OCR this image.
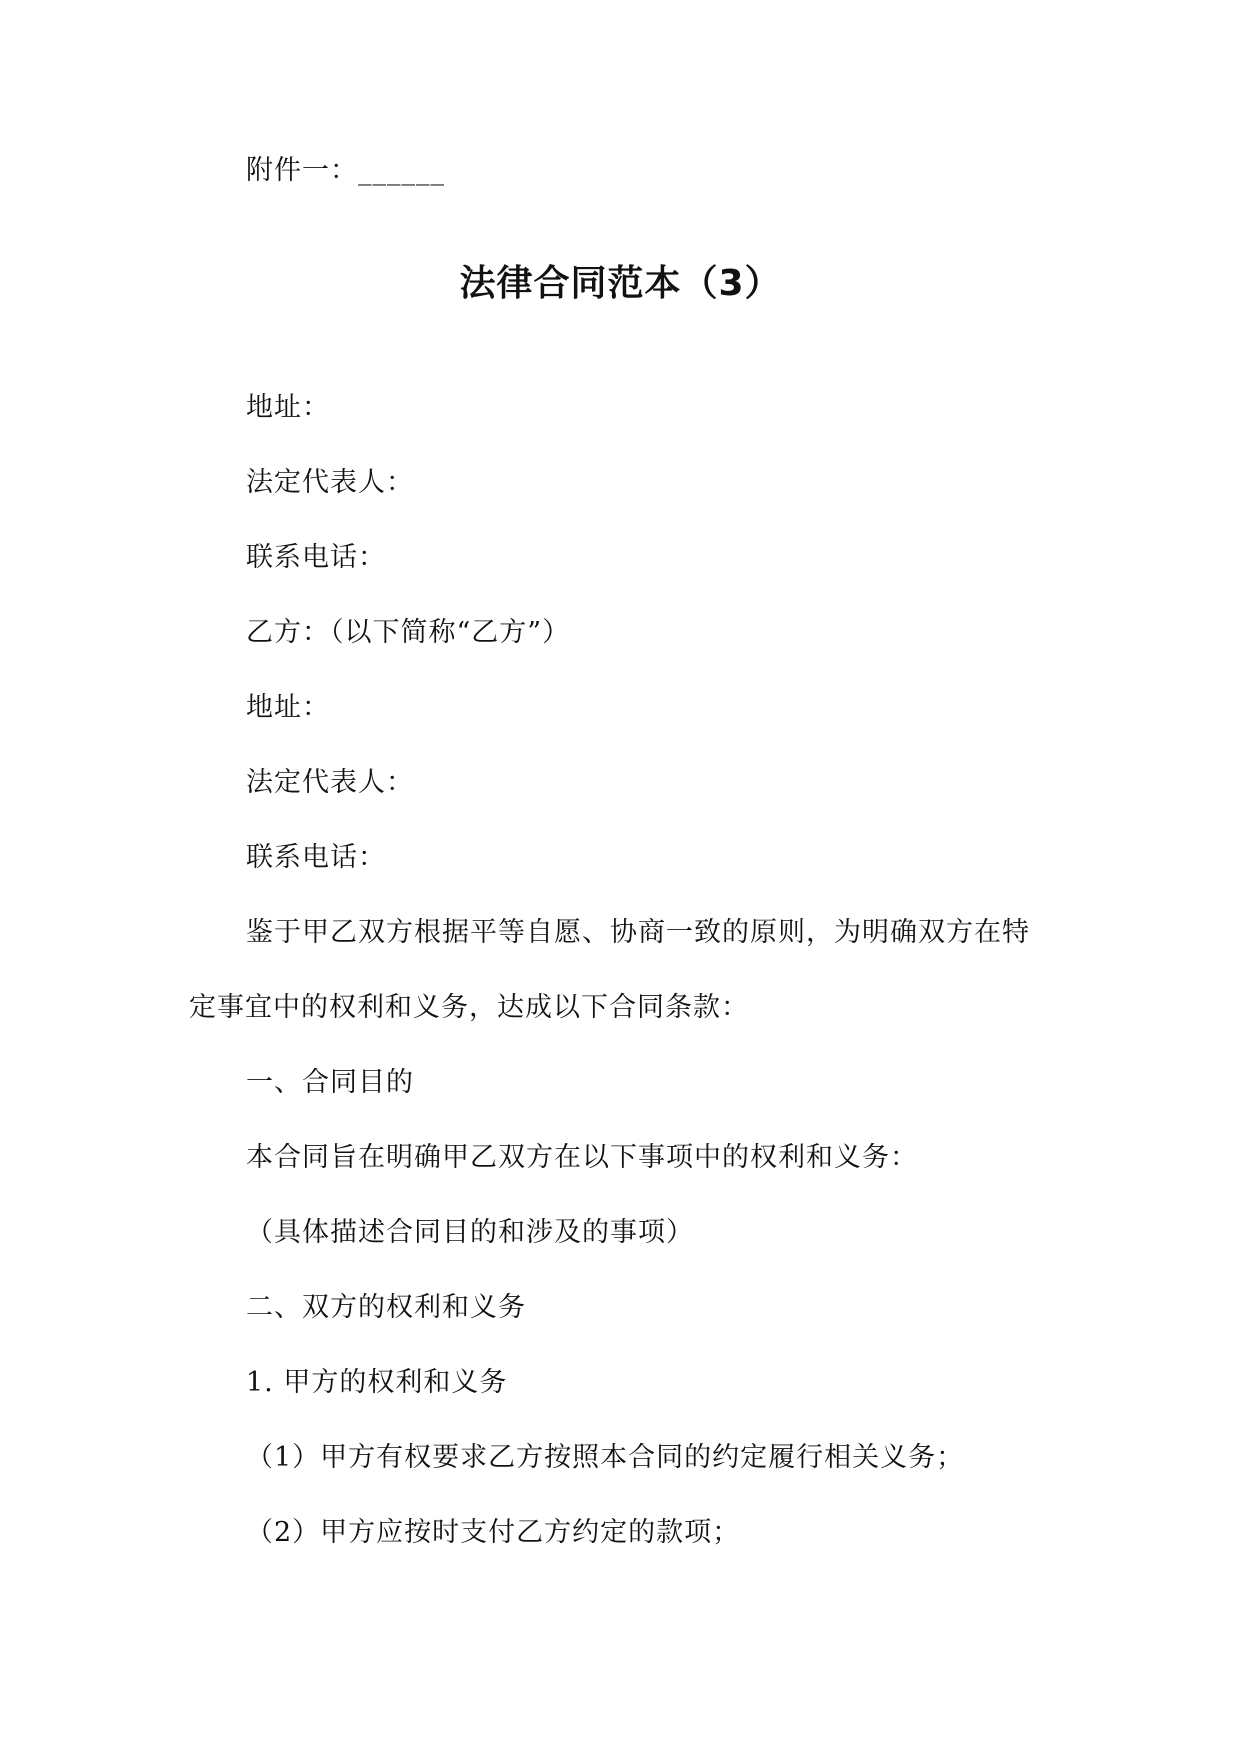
附件一：______
法律合同范本（3）
地址：
法定代表人：
联系电话：
乙方：（以下简称“乙方”）
地址：
法定代表人：
联系电话：
鉴于甲乙双方根据平等自愿、协商一致的原则，为明确双方在特
定事宜中的权利和义务，达成以下合同条款：
一、合同目的
本合同旨在明确甲乙双方在以下事项中的权利和义务：
（具体描述合同目的和涉及的事项）
二、双方的权利和义务
1. 甲方的权利和义务
（1）甲方有权要求乙方按照本合同的约定履行相关义务；
（2）甲方应按时支付乙方约定的款项；
